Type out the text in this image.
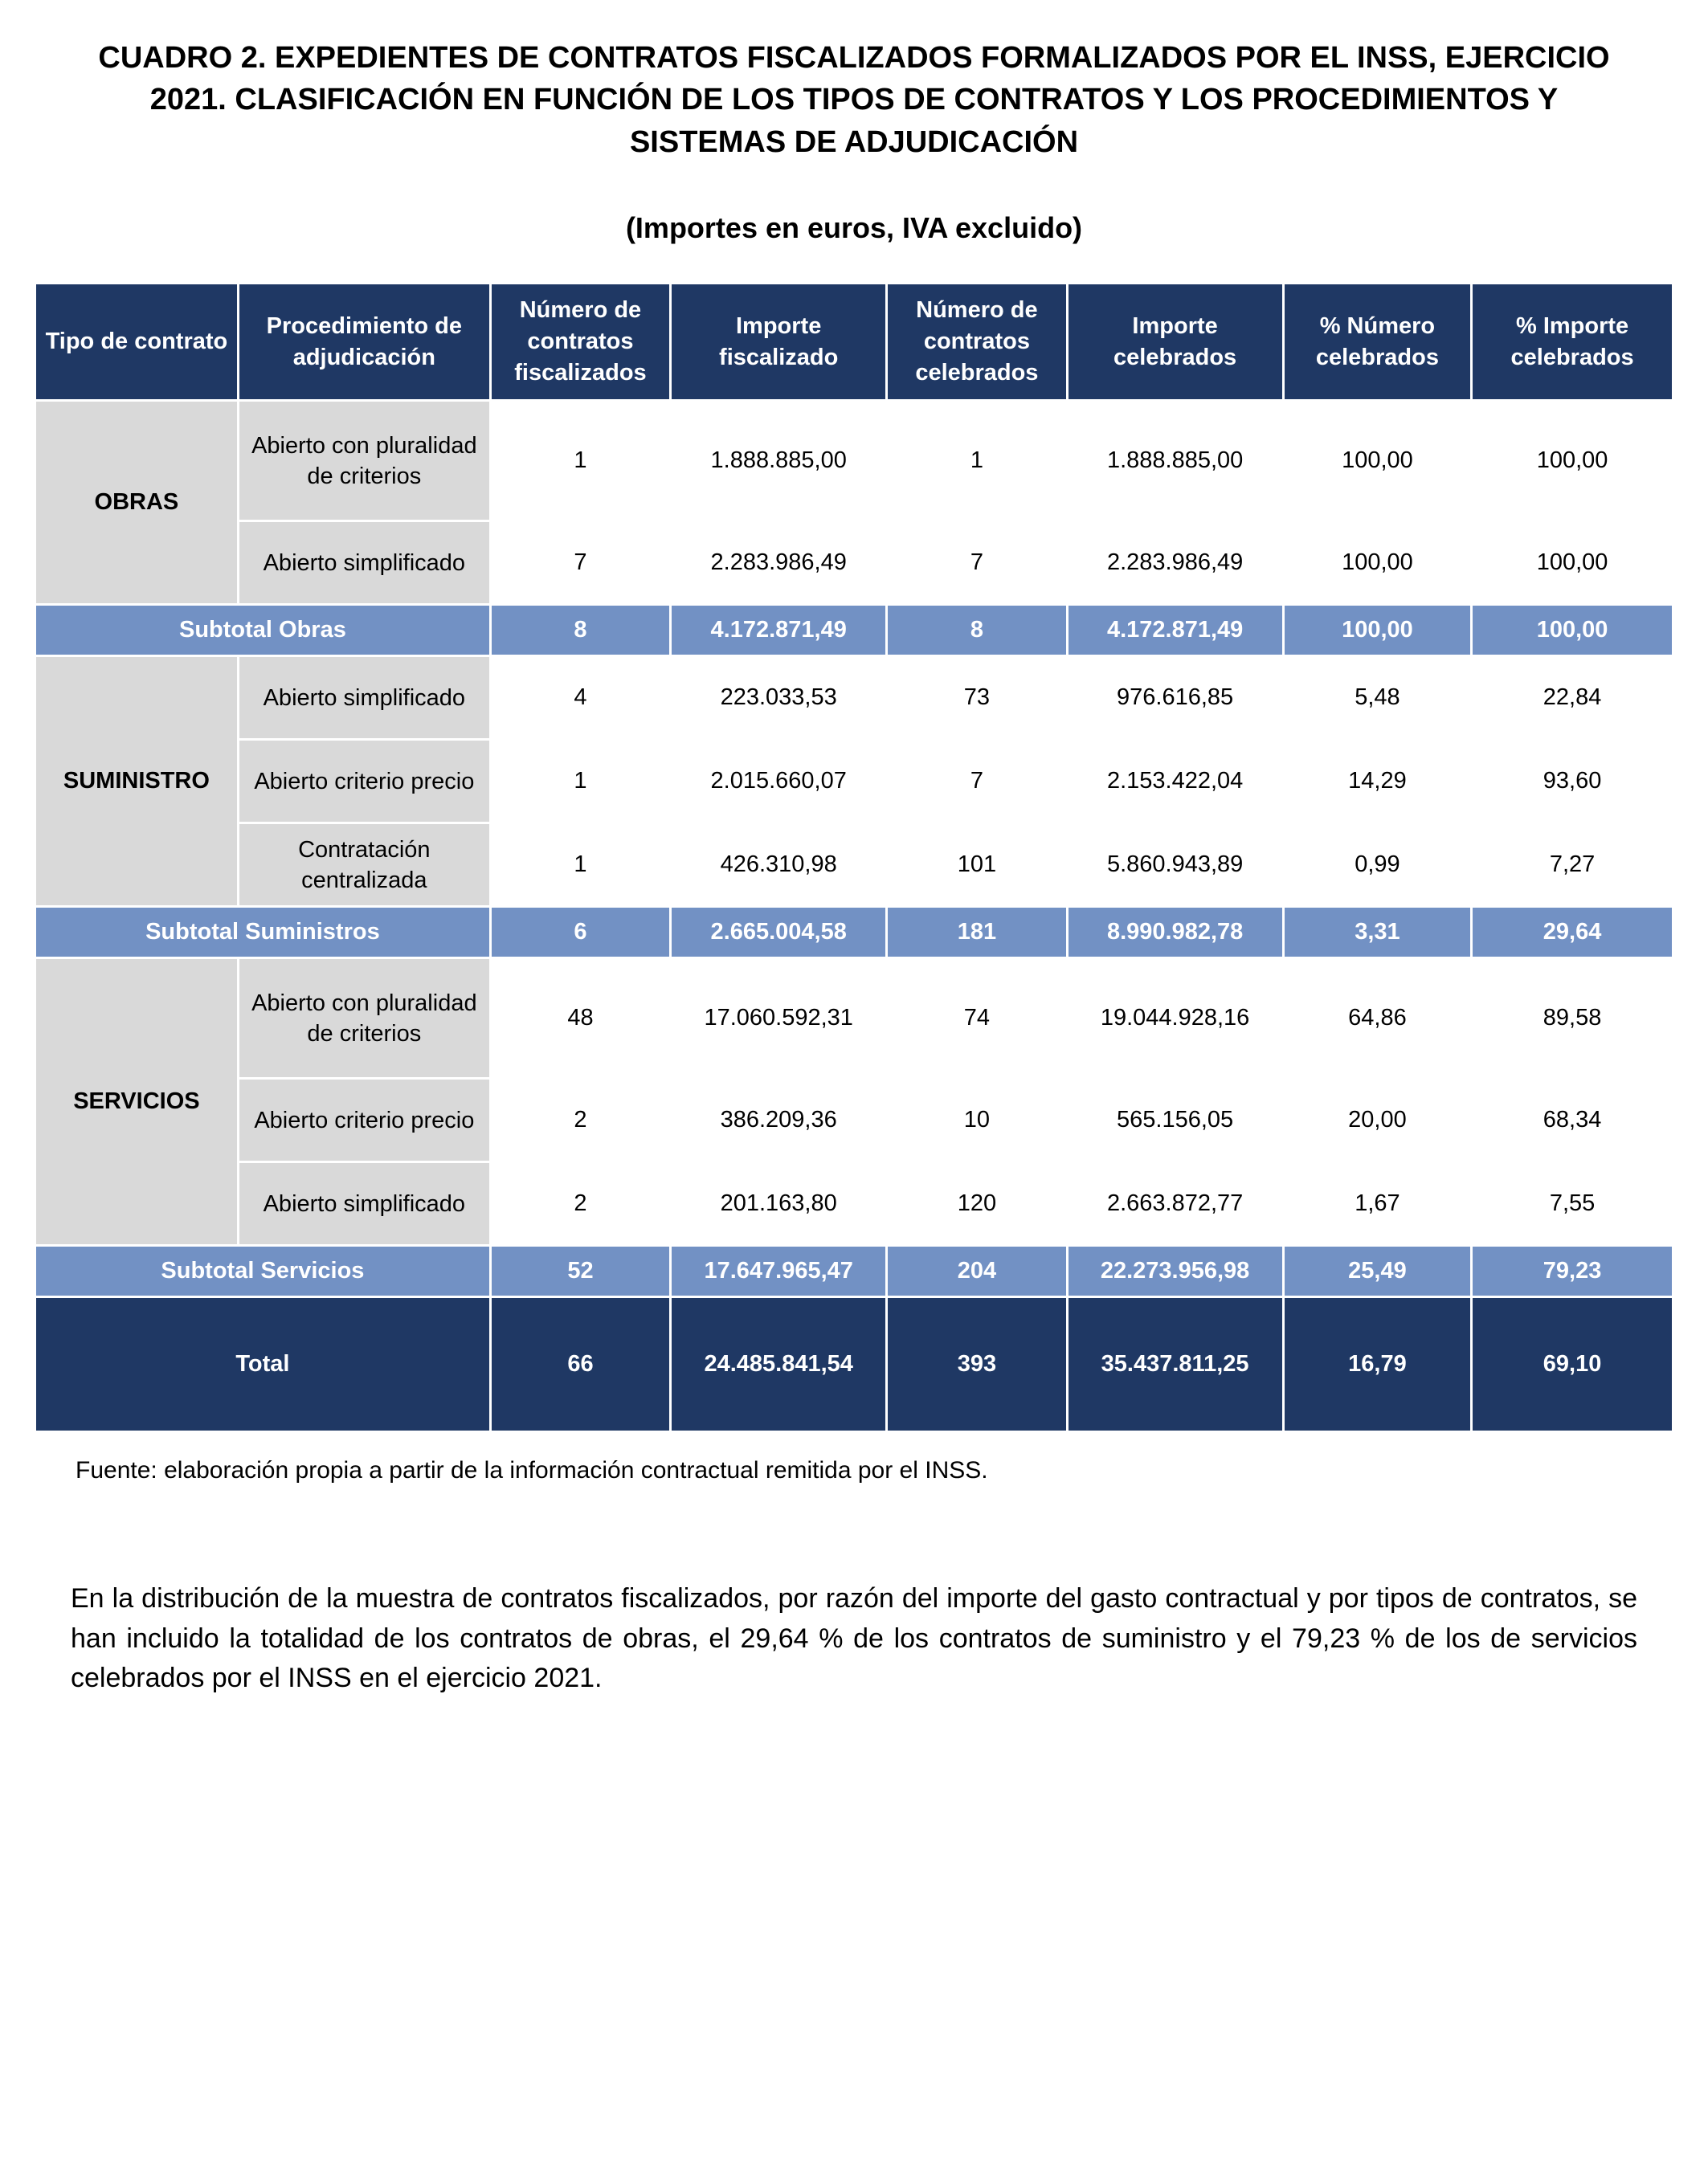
CUADRO 2. EXPEDIENTES DE CONTRATOS FISCALIZADOS FORMALIZADOS POR EL INSS, EJERCICIO 2021. CLASIFICACIÓN EN FUNCIÓN DE LOS TIPOS DE CONTRATOS Y LOS PROCEDIMIENTOS Y SISTEMAS DE ADJUDICACIÓN
(Importes en euros, IVA excluido)
Tipo de contrato	Procedimiento de adjudicación	Número de contratos fiscalizados	Importe fiscalizado	Número de contratos celebrados	Importe celebrados	% Número celebrados	% Importe celebrados
OBRAS	Abierto con pluralidad de criterios	1	1.888.885,00	1	1.888.885,00	100,00	100,00
	Abierto simplificado	7	2.283.986,49	7	2.283.986,49	100,00	100,00
Subtotal Obras		8	4.172.871,49	8	4.172.871,49	100,00	100,00
SUMINISTRO	Abierto simplificado	4	223.033,53	73	976.616,85	5,48	22,84
	Abierto criterio precio	1	2.015.660,07	7	2.153.422,04	14,29	93,60
	Contratación centralizada	1	426.310,98	101	5.860.943,89	0,99	7,27
Subtotal Suministros		6	2.665.004,58	181	8.990.982,78	3,31	29,64
SERVICIOS	Abierto con pluralidad de criterios	48	17.060.592,31	74	19.044.928,16	64,86	89,58
	Abierto criterio precio	2	386.209,36	10	565.156,05	20,00	68,34
	Abierto simplificado	2	201.163,80	120	2.663.872,77	1,67	7,55
Subtotal Servicios		52	17.647.965,47	204	22.273.956,98	25,49	79,23
Total		66	24.485.841,54	393	35.437.811,25	16,79	69,10

Fuente: elaboración propia a partir de la información contractual remitida por el INSS.

En la distribución de la muestra de contratos fiscalizados, por razón del importe del gasto contractual y por tipos de contratos, se han incluido la totalidad de los contratos de obras, el 29,64 % de los contratos de suministro y el 79,23 % de los de servicios celebrados por el INSS en el ejercicio 2021.
